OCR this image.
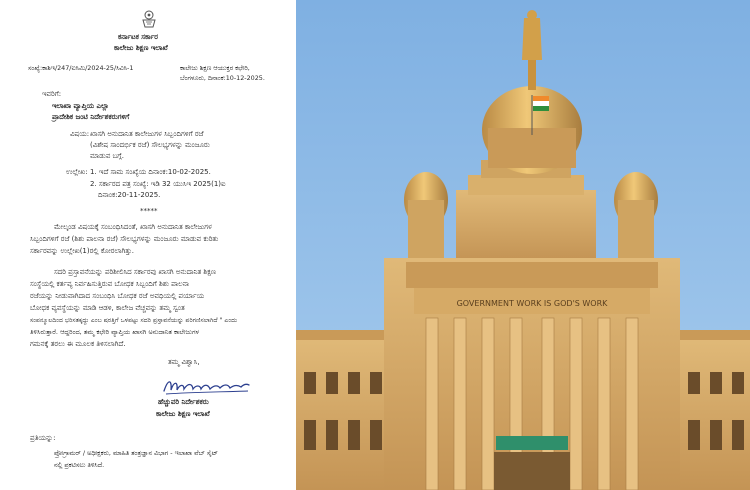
ಕರ್ನಾಟಕ ಸರ್ಕಾರ
ಕಾಲೇಜು ಶಿಕ್ಷಣ ಇಲಾಖೆ
ಸಂಖ್ಯೆ:ಕಾಶಿಇ/247/ಐಸಿಮಿ/2024-25/ಸಿವಿಸಿ-1	ಕಾಲೇಜು ಶಿಕ್ಷಣ ಆಯುಕ್ತರ ಕಛೇರಿ,
ಬೆಂಗಳೂರು, ದಿನಾಂಕ:10-12-2025.
ಇವರಿಗೆ:
ಇಲಾಖಾ ವ್ಯಾಪ್ತಿಯ ಎಲ್ಲಾ
ಪ್ರಾದೇಶಿಕ ಜಂಟಿ ನಿರ್ದೇಶಕರುಗಳಿಗೆ
ವಿಷಯ: ಖಾಸಗಿ ಅನುದಾನಿತ ಕಾಲೇಜುಗಳ ಸಿಬ್ಬಂದಿಗಳಿಗೆ ರಜೆ
(ವಿಶೇಷ ಸಾಂದರ್ಭಿಕ ರಜೆ) ಸೌಲಭ್ಯಗಳನ್ನು ಮಂಜೂರು
ಮಾಡುವ ಬಗ್ಗೆ.
ಉಲ್ಲೇಖ: 1. ಇದೆ ಸಾಮ ಸಂಖ್ಯೆಯ ದಿನಾಂಕ:10-02-2025.
2. ಸರ್ಕಾರದ ಪತ್ರ ಸಂಖ್ಯೆ: ಇಡಿ 32 ಯುಸಿಇ 2025(1)ಐ
ದಿನಾಂಕ:20-11-2025.
*****
ಮೇಲ್ಕಂಡ ವಿಷಯಕ್ಕೆ ಸಂಬಂಧಿಸಿದಂತೆ, ಖಾಸಗಿ ಅನುದಾನಿತ ಕಾಲೇಜುಗಳ
ಸಿಬ್ಬಂದಿಗಳಿಗೆ ರಜೆ (ಶಿಶು ಪಾಲನಾ ರಜೆ) ಸೌಲಭ್ಯಗಳನ್ನು ಮಂಜೂರು ಮಾಡುವ ಕುರಿತು
ಸರ್ಕಾರವನ್ನು ಉಲ್ಲೇಖ(1)ರಲ್ಲಿ ಕೋರಲಾಗಿತ್ತು.
ಸದರಿ ಪ್ರಸ್ತಾವನೆಯನ್ನು ಪರಿಶೀಲಿಸಿದ ಸರ್ಕಾರವು ಖಾಸಗಿ ಅನುದಾನಿತ ಶಿಕ್ಷಣ
ಸಂಸ್ಥೆಯಲ್ಲಿ ಕರ್ತವ್ಯ ನಿರ್ವಹಿಸುತ್ತಿರುವ ಬೋಧಕ ಸಿಬ್ಬಂದಿಗೆ ಶಿಶು ಪಾಲನಾ
ರಜೆಯನ್ನು ನೀಡುವಾಗಿದಾದ ಸಂಬಂಧಿಸಿ ಬೋಧಕ ರಜೆ ಅವಧಿಯಲ್ಲಿ ಪರ್ಯಾಯ
ಬೋಧಕ ವ್ಯವಸ್ಥೆಯನ್ನು ಮಾಡಿ ಆಡಳಿ, ಕಾಲೇಜ ವೆಚ್ಚವನ್ನು ತಮ್ಮ ಸ್ವಂತ
ಸಂಪನ್ಮೂಲದಿಂದ ಭರಿಸತಕ್ಕದ್ದು ಎಂಬ ಷರತ್ತಿಗೆ ಒಳಪಟ್ಟು ಸದರಿ ಪ್ರಸ್ತಾವನೆಯನ್ನು ಪರಿಗಣಿಸಲಾಗಿದೆ " ಎಂದು
ತಿಳಿಸಿರುತ್ತಾರೆ. ಆದ್ದರಿಂದ, ತಮ್ಮ ಕಛೇರಿ ವ್ಯಾಪ್ತಿಯ ಖಾಸಗಿ ಅನುದಾನಿತ ಕಾಲೇಜುಗಳ
ಗಮನಕ್ಕೆ ತರಲು ಈ ಮೂಲಕ ತಿಳಿಸಲಾಗಿದೆ.
ತಮ್ಮ ವಿಶ್ವಾಸಿ,
ಹೆಚ್ಚುವರಿ ನಿರ್ದೇಶಕರು
ಕಾಲೇಜು ಶಿಕ್ಷಣ ಇಲಾಖೆ
ಪ್ರತಿಯನ್ನು:
ಪ್ರೋಗ್ರಾಮರ್ / ಅಧೀಕ್ಷಕರು, ಮಾಹಿತಿ ತಂತ್ರಜ್ಞಾನ ವಿಭಾಗ - ಇಲಾಖಾ ವೆಬ್ ಸೈಟ್
ನಲ್ಲಿ ಪ್ರಕಟಿಸಲು ತಿಳಿಸಿದೆ.
GOVERNMENT WORK IS GOD'S WORK
